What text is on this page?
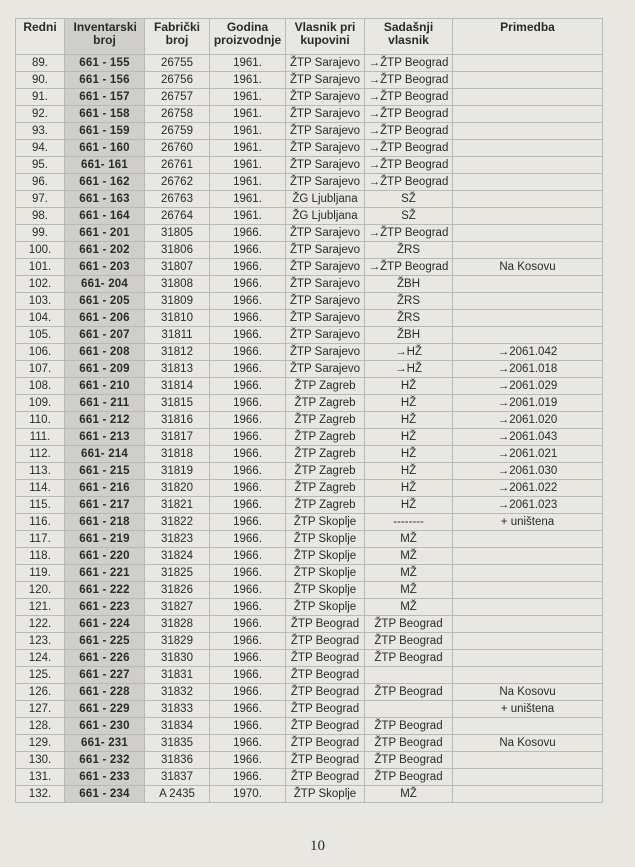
Redni	Inventarski broj	Fabrički broj	Godina proizvodnje	Vlasnik pri kupovini	Sadašnji vlasnik	Primedba
89.	661 - 155	26755	1961.	ŽTP Sarajevo	→ŽTP Beograd	
90.	661 - 156	26756	1961.	ŽTP Sarajevo	→ŽTP Beograd	
91.	661 - 157	26757	1961.	ŽTP Sarajevo	→ŽTP Beograd	
92.	661 - 158	26758	1961.	ŽTP Sarajevo	→ŽTP Beograd	
93.	661 - 159	26759	1961.	ŽTP Sarajevo	→ŽTP Beograd	
94.	661 - 160	26760	1961.	ŽTP Sarajevo	→ŽTP Beograd	
95.	661- 161	26761	1961.	ŽTP Sarajevo	→ŽTP Beograd	
96.	661 - 162	26762	1961.	ŽTP Sarajevo	→ŽTP Beograd	
97.	661 - 163	26763	1961.	ŽG Ljubljana	SŽ	
98.	661 - 164	26764	1961.	ŽG Ljubljana	SŽ	
99.	661 - 201	31805	1966.	ŽTP Sarajevo	→ŽTP Beograd	
100.	661 - 202	31806	1966.	ŽTP Sarajevo	ŽRS	
101.	661 - 203	31807	1966.	ŽTP Sarajevo	→ŽTP Beograd	Na Kosovu
102.	661- 204	31808	1966.	ŽTP Sarajevo	ŽBH	
103.	661 - 205	31809	1966.	ŽTP Sarajevo	ŽRS	
104.	661 - 206	31810	1966.	ŽTP Sarajevo	ŽRS	
105.	661 - 207	31811	1966.	ŽTP Sarajevo	ŽBH	
106.	661 - 208	31812	1966.	ŽTP Sarajevo	→HŽ	→2061.042
107.	661 - 209	31813	1966.	ŽTP Sarajevo	→HŽ	→2061.018
108.	661 - 210	31814	1966.	ŽTP Zagreb	HŽ	→2061.029
109.	661 - 211	31815	1966.	ŽTP Zagreb	HŽ	→2061.019
110.	661 - 212	31816	1966.	ŽTP Zagreb	HŽ	→2061.020
111.	661 - 213	31817	1966.	ŽTP Zagreb	HŽ	→2061.043
112.	661- 214	31818	1966.	ŽTP Zagreb	HŽ	→2061.021
113.	661 - 215	31819	1966.	ŽTP Zagreb	HŽ	→2061.030
114.	661 - 216	31820	1966.	ŽTP Zagreb	HŽ	→2061.022
115.	661 - 217	31821	1966.	ŽTP Zagreb	HŽ	→2061.023
116.	661 - 218	31822	1966.	ŽTP Skoplje	--------	+ uništena
117.	661 - 219	31823	1966.	ŽTP Skoplje	MŽ	
118.	661 - 220	31824	1966.	ŽTP Skoplje	MŽ	
119.	661 - 221	31825	1966.	ŽTP Skoplje	MŽ	
120.	661 - 222	31826	1966.	ŽTP Skoplje	MŽ	
121.	661 - 223	31827	1966.	ŽTP Skoplje	MŽ	
122.	661 - 224	31828	1966.	ŽTP Beograd	ŽTP Beograd	
123.	661 - 225	31829	1966.	ŽTP Beograd	ŽTP Beograd	
124.	661 - 226	31830	1966.	ŽTP Beograd	ŽTP Beograd	
125.	661 - 227	31831	1966.	ŽTP Beograd		
126.	661 - 228	31832	1966.	ŽTP Beograd	ŽTP Beograd	Na Kosovu
127.	661 - 229	31833	1966.	ŽTP Beograd		+ uništena
128.	661 - 230	31834	1966.	ŽTP Beograd	ŽTP Beograd	
129.	661- 231	31835	1966.	ŽTP Beograd	ŽTP Beograd	Na Kosovu
130.	661 - 232	31836	1966.	ŽTP Beograd	ŽTP Beograd	
131.	661 - 233	31837	1966.	ŽTP Beograd	ŽTP Beograd	
132.	661 - 234	A 2435	1970.	ŽTP Skoplje	MŽ	
10
